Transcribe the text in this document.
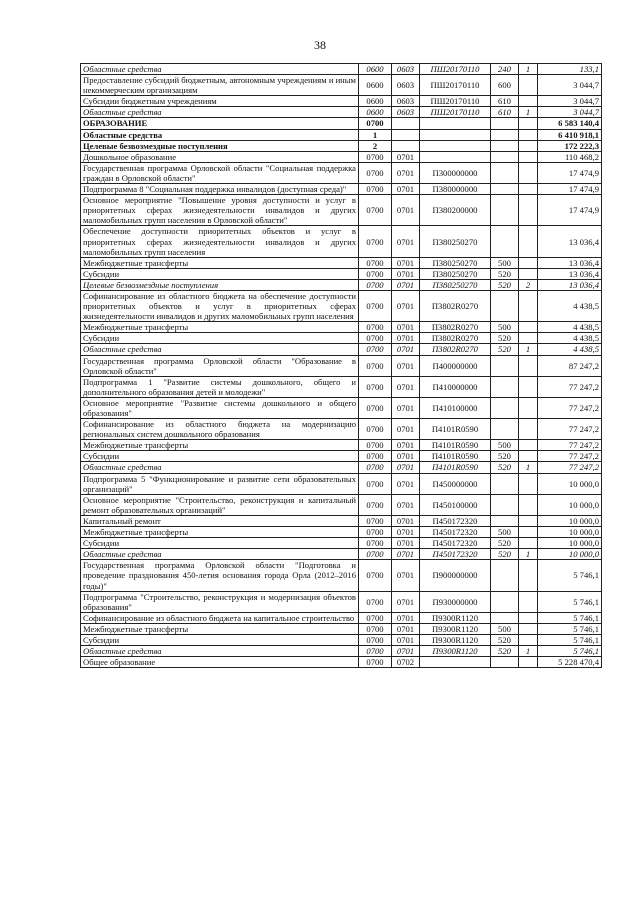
38
Областные средства	0600	0603	ПШ20170110	240	1	133,1
Предоставление субсидий бюджетным, автономным учреждениям и иным некоммерческим организациям	0600	0603	ПШ20170110	600		3 044,7
Субсидии бюджетным учреждениям	0600	0603	ПШ20170110	610		3 044,7
Областные средства	0600	0603	ПШ20170110	610	1	3 044,7
ОБРАЗОВАНИЕ	0700					6 583 140,4
Областные средства	1					6 410 918,1
Целевые безвозмездные поступления	2					172 222,3
Дошкольное образование	0700	0701				110 468,2
Государственная программа Орловской области "Социальная поддержка граждан в Орловской области"	0700	0701	П300000000			17 474,9
Подпрограмма 8 "Социальная поддержка инвалидов (доступная среда)"	0700	0701	П380000000			17 474,9
Основное мероприятие "Повышение уровня доступности и услуг в приоритетных сферах жизнедеятельности инвалидов и других маломобильных групп населения в Орловской области"	0700	0701	П380200000			17 474,9
Обеспечение доступности приоритетных объектов и услуг в приоритетных сферах жизнедеятельности инвалидов и других маломобильных групп населения	0700	0701	П380250270			13 036,4
Межбюджетные трансферты	0700	0701	П380250270	500		13 036,4
Субсидии	0700	0701	П380250270	520		13 036,4
Целевые безвозмездные поступления	0700	0701	П380250270	520	2	13 036,4
Софинансирование из областного бюджета на обеспечение доступности приоритетных объектов и услуг в приоритетных сферах жизнедеятельности инвалидов и других маломобильных групп населения	0700	0701	П3802R0270			4 438,5
Межбюджетные трансферты	0700	0701	П3802R0270	500		4 438,5
Субсидии	0700	0701	П3802R0270	520		4 438,5
Областные средства	0700	0701	П3802R0270	520	1	4 438,5
Государственная программа Орловской области "Образование в Орловской области"	0700	0701	П400000000			87 247,2
Подпрограмма 1 "Развитие системы дошкольного, общего и дополнительного образования детей и молодежи"	0700	0701	П410000000			77 247,2
Основное мероприятие "Развитие системы дошкольного и общего образования"	0700	0701	П410100000			77 247,2
Софинансирование из областного бюджета на модернизацию региональных систем дошкольного образования	0700	0701	П4101R0590			77 247,2
Межбюджетные трансферты	0700	0701	П4101R0590	500		77 247,2
Субсидии	0700	0701	П4101R0590	520		77 247,2
Областные средства	0700	0701	П4101R0590	520	1	77 247,2
Подпрограмма 5 "Функционирование и развитие сети образовательных организаций"	0700	0701	П450000000			10 000,0
Основное мероприятие "Строительство, реконструкция и капитальный ремонт образовательных организаций"	0700	0701	П450100000			10 000,0
Капитальный ремонт	0700	0701	П450172320			10 000,0
Межбюджетные трансферты	0700	0701	П450172320	500		10 000,0
Субсидии	0700	0701	П450172320	520		10 000,0
Областные средства	0700	0701	П450172320	520	1	10 000,0
Государственная программа Орловской области "Подготовка и проведение празднования 450-летия основания города Орла (2012–2016 годы)"	0700	0701	П900000000			5 746,1
Подпрограмма "Строительство, реконструкция и модернизация объектов образования"	0700	0701	П930000000			5 746,1
Софинансирование из областного бюджета на капитальное строительство	0700	0701	П9300R1120			5 746,1
Межбюджетные трансферты	0700	0701	П9300R1120	500		5 746,1
Субсидии	0700	0701	П9300R1120	520		5 746,1
Областные средства	0700	0701	П9300R1120	520	1	5 746,1
Общее образование	0700	0702				5 228 470,4
